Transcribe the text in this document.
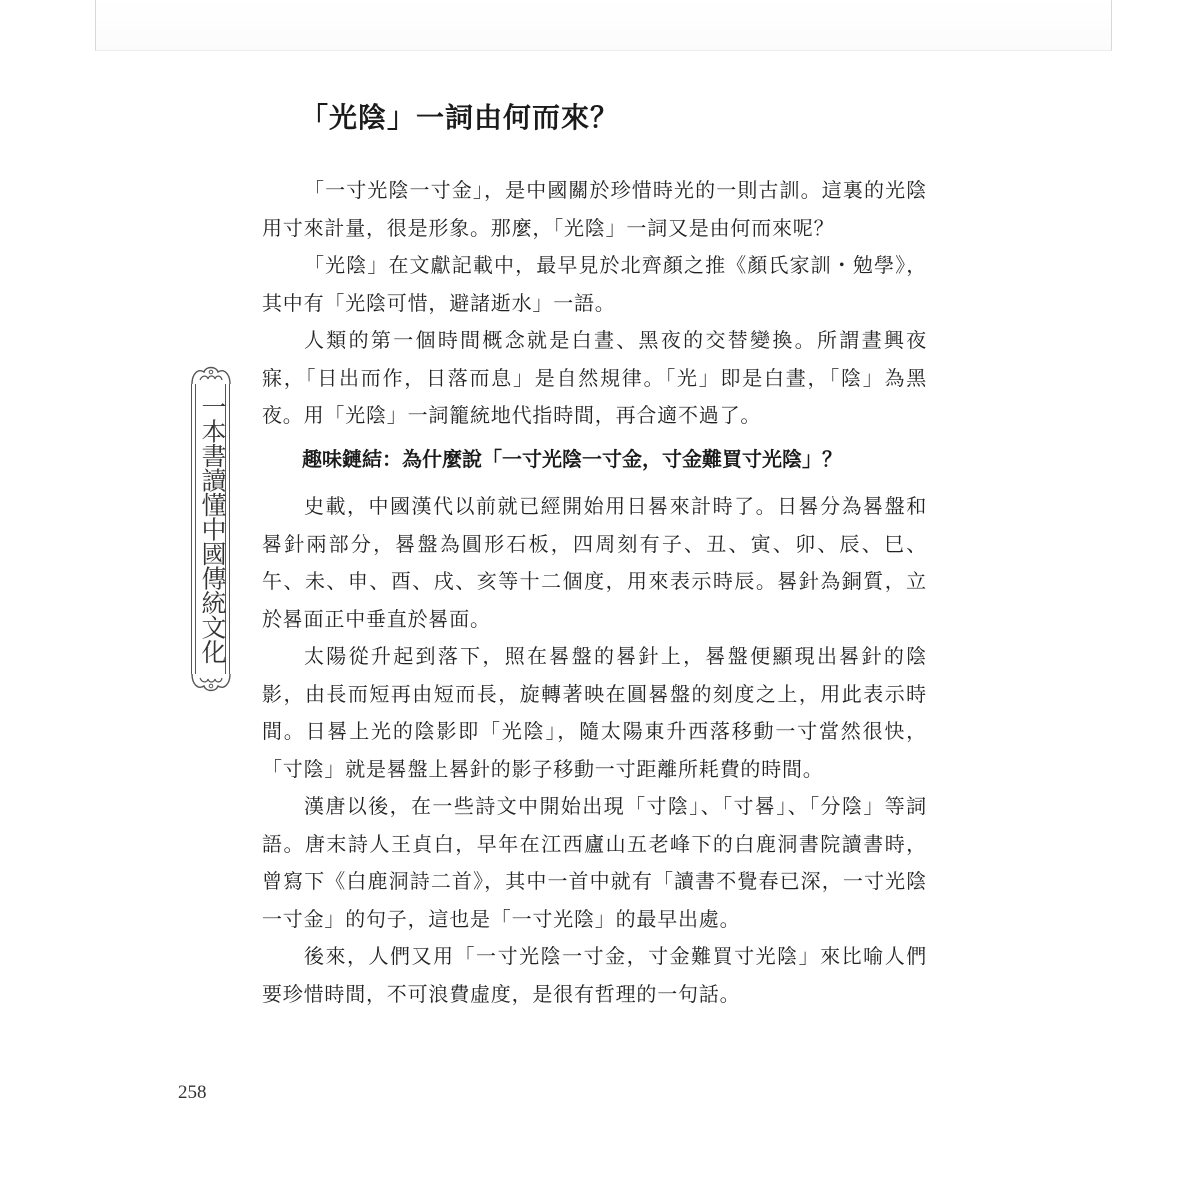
「光陰」一詞由何而來？

「一寸光陰一寸金」，是中國關於珍惜時光的一則古訓。這裏的光陰用寸來計量，很是形象。那麼，「光陰」一詞又是由何而來呢？

「光陰」在文獻記載中，最早見於北齊顏之推《顏氏家訓・勉學》，其中有「光陰可惜，避諸逝水」一語。

人類的第一個時間概念就是白晝、黑夜的交替變換。所謂晝興夜寐，「日出而作，日落而息」是自然規律。「光」即是白晝，「陰」為黑夜。用「光陰」一詞籠統地代指時間，再合適不過了。

趣味鏈結：為什麼說「一寸光陰一寸金，寸金難買寸光陰」？

史載，中國漢代以前就已經開始用日晷來計時了。日晷分為晷盤和晷針兩部分，晷盤為圓形石板，四周刻有子、丑、寅、卯、辰、巳、午、未、申、酉、戌、亥等十二個度，用來表示時辰。晷針為銅質，立於晷面正中垂直於晷面。

太陽從升起到落下，照在晷盤的晷針上，晷盤便顯現出晷針的陰影，由長而短再由短而長，旋轉著映在圓晷盤的刻度之上，用此表示時間。日晷上光的陰影即「光陰」，隨太陽東升西落移動一寸當然很快，「寸陰」就是晷盤上晷針的影子移動一寸距離所耗費的時間。

漢唐以後，在一些詩文中開始出現「寸陰」、「寸晷」、「分陰」等詞語。唐末詩人王貞白，早年在江西廬山五老峰下的白鹿洞書院讀書時，曾寫下《白鹿洞詩二首》，其中一首中就有「讀書不覺春已深，一寸光陰一寸金」的句子，這也是「一寸光陰」的最早出處。

後來，人們又用「一寸光陰一寸金，寸金難買寸光陰」來比喻人們要珍惜時間，不可浪費虛度，是很有哲理的一句話。

一本書讀懂中國傳統文化
258
